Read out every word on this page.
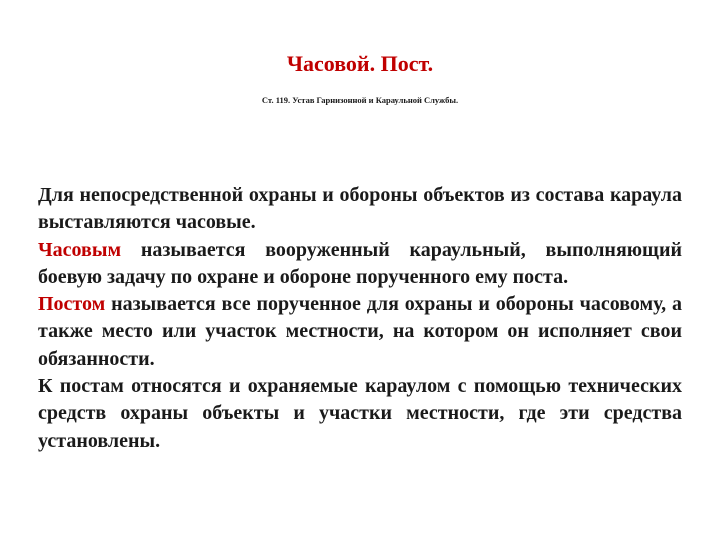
Часовой. Пост.
Ст. 119. Устав Гарнизонной и Караульной Службы.

Для непосредственной охраны и обороны объектов из состава караула выставляются часовые.

Часовым называется вооруженный караульный, выполняющий боевую задачу по охране и обороне порученного ему поста.

Постом называется все порученное для охраны и обороны часовому, а также место или участок местности, на котором он исполняет свои обязанности.

К постам относятся и охраняемые караулом с помощью технических средств охраны объекты и участки местности, где эти средства установлены.
